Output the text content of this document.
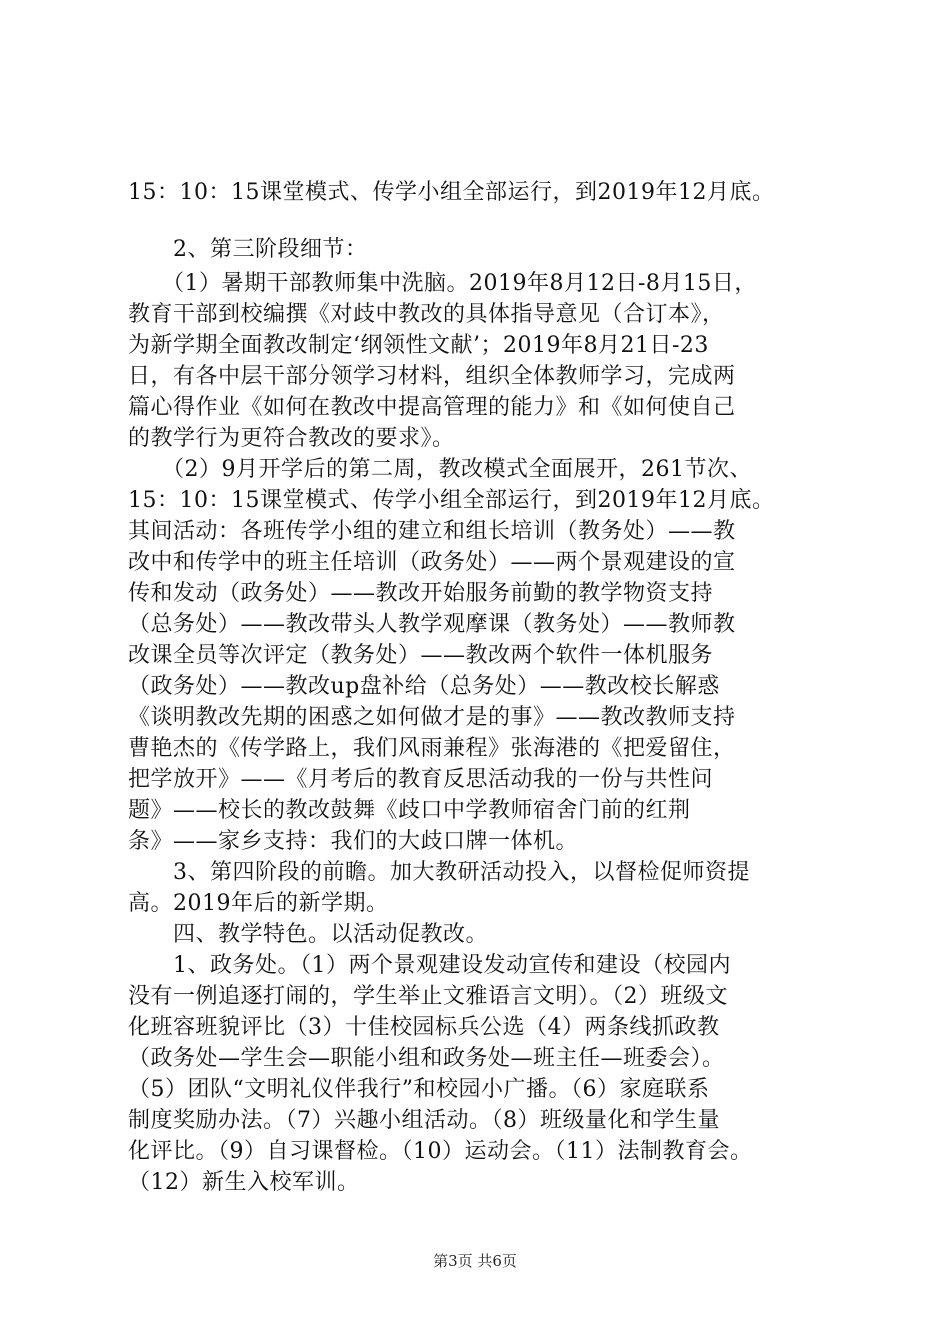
15：10：15课堂模式、传学小组全部运行，到2019年12月底。
　　2、第三阶段细节：
　　（1）暑期干部教师集中洗脑。2019年8月12日-8月15日，
教育干部到校编撰《对歧中教改的具体指导意见（合订本》，
为新学期全面教改制定‘纲领性文献’；2019年8月21日-23
日，有各中层干部分领学习材料，组织全体教师学习，完成两
篇心得作业《如何在教改中提高管理的能力》和《如何使自己
的教学行为更符合教改的要求》。
　　（2）9月开学后的第二周，教改模式全面展开，261节次、
15：10：15课堂模式、传学小组全部运行，到2019年12月底。
其间活动：各班传学小组的建立和组长培训（教务处）——教
改中和传学中的班主任培训（政务处）——两个景观建设的宣
传和发动（政务处）——教改开始服务前勤的教学物资支持
（总务处）——教改带头人教学观摩课（教务处）——教师教
改课全员等次评定（教务处）——教改两个软件一体机服务
（政务处）——教改up盘补给（总务处）——教改校长解惑
《谈明教改先期的困惑之如何做才是的事》——教改教师支持
曹艳杰的《传学路上，我们风雨兼程》张海港的《把爱留住，
把学放开》——《月考后的教育反思活动我的一份与共性问
题》——校长的教改鼓舞《歧口中学教师宿舍门前的红荆
条》——家乡支持：我们的大歧口牌一体机。
　　3、第四阶段的前瞻。加大教研活动投入，以督检促师资提
高。2019年后的新学期。
　　四、教学特色。以活动促教改。
　　1、政务处。（1）两个景观建设发动宣传和建设（校园内
没有一例追逐打闹的，学生举止文雅语言文明）。（2）班级文
化班容班貌评比（3）十佳校园标兵公选（4）两条线抓政教
（政务处—学生会—职能小组和政务处—班主任—班委会）。
（5）团队“文明礼仪伴我行”和校园小广播。（6）家庭联系
制度奖励办法。（7）兴趣小组活动。（8）班级量化和学生量
化评比。（9）自习课督检。（10）运动会。（11）法制教育会。
（12）新生入校军训。
第3页 共6页
